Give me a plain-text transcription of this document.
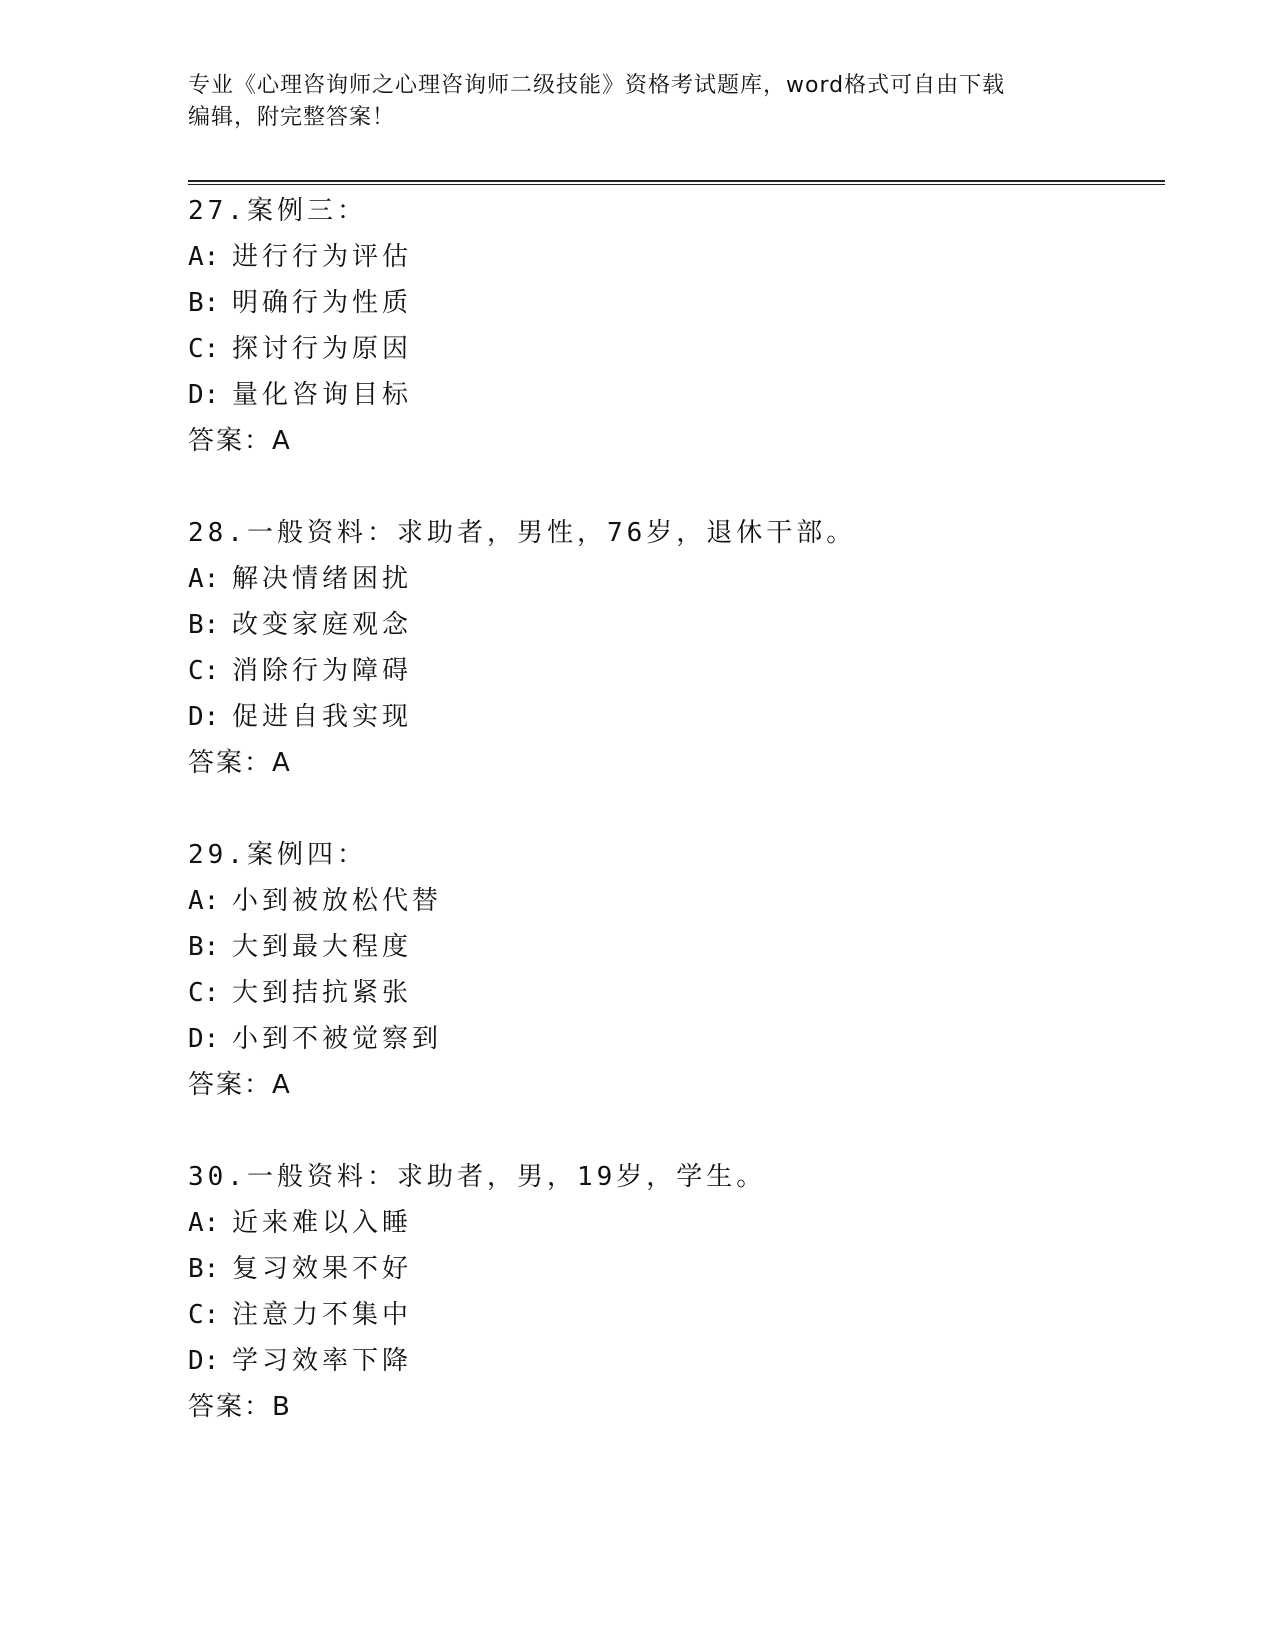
专业《心理咨询师之心理咨询师二级技能》资格考试题库，word格式可自由下载
编辑，附完整答案！
27.案例三：
A: 进行行为评估
B: 明确行为性质
C: 探讨行为原因
D: 量化咨询目标
答案：A
28.一般资料：求助者，男性，76岁，退休干部。
A: 解决情绪困扰
B: 改变家庭观念
C: 消除行为障碍
D: 促进自我实现
答案：A
29.案例四：
A: 小到被放松代替
B: 大到最大程度
C: 大到拮抗紧张
D: 小到不被觉察到
答案：A
30.一般资料：求助者，男，19岁，学生。
A: 近来难以入睡
B: 复习效果不好
C: 注意力不集中
D: 学习效率下降
答案：B
